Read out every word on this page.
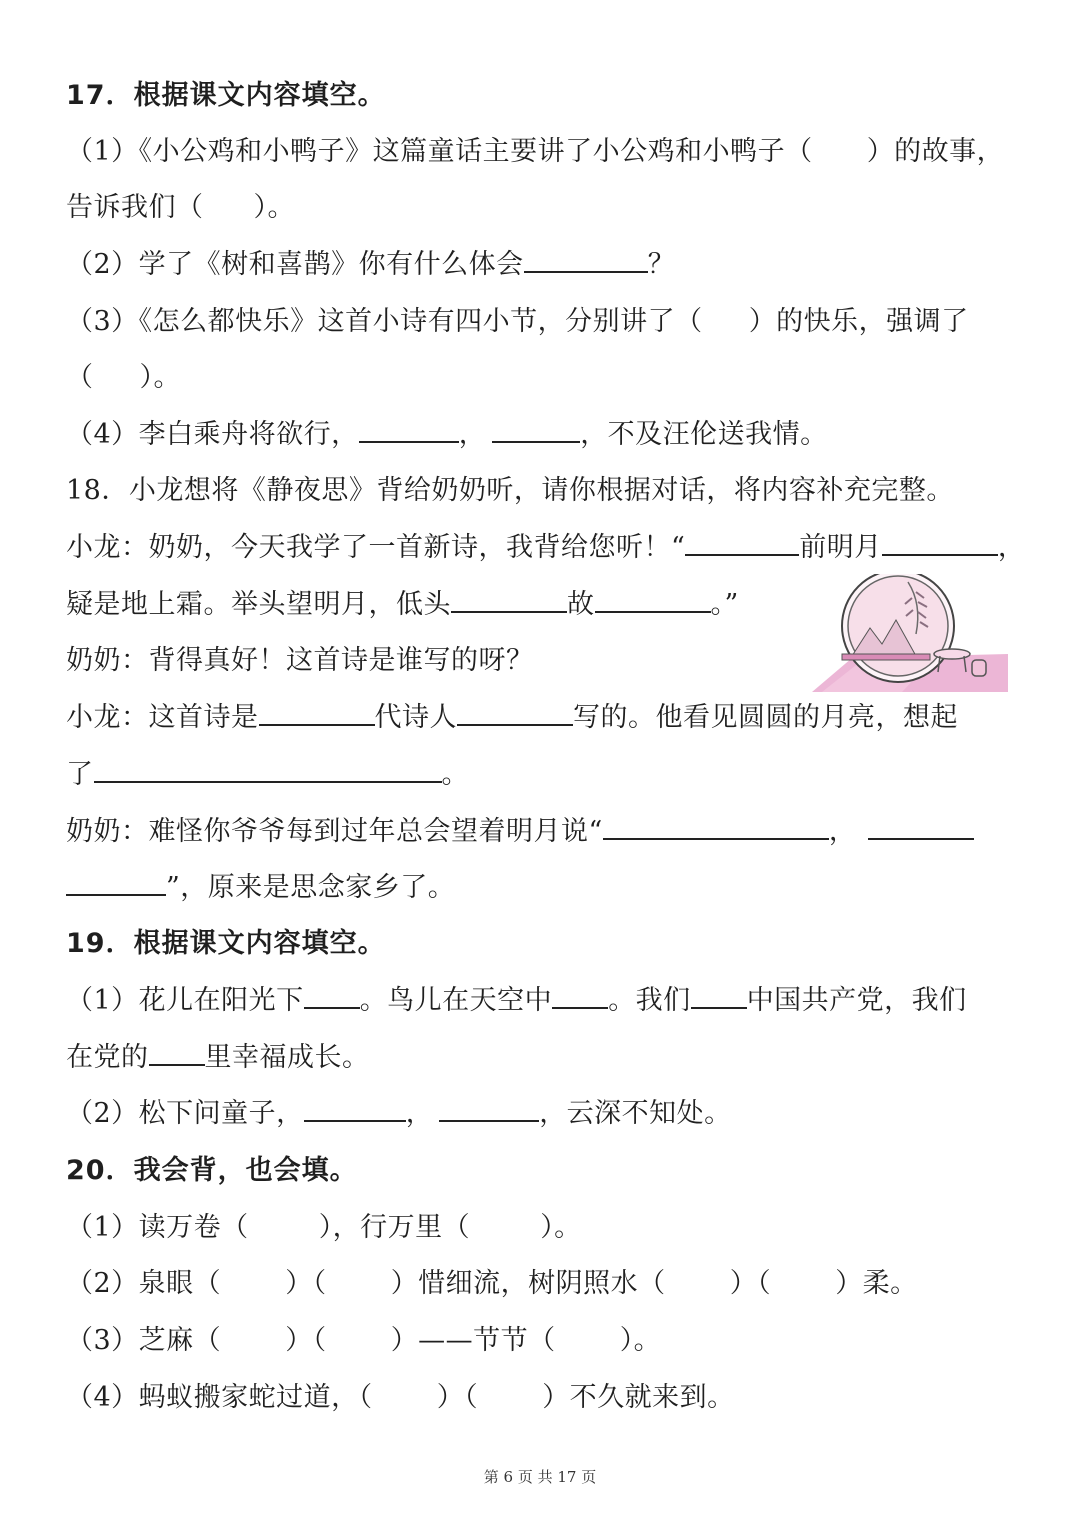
17．根据课文内容填空。
（1）《小公鸡和小鸭子》这篇童话主要讲了小公鸡和小鸭子（ ）的故事，
告诉我们（ ）。
（2）学了《树和喜鹊》你有什么体会	？
（3）《怎么都快乐》这首小诗有四小节，分别讲了（ ）的快乐，强调了
（ ）。
（4）李白乘舟将欲行，	，	，不及汪伦送我情。
18．小龙想将《静夜思》背给奶奶听，请你根据对话，将内容补充完整。
小龙：奶奶，今天我学了一首新诗，我背给您听！“	前明月	，
疑是地上霜。举头望明月，低头	故	。”
奶奶：背得真好！这首诗是谁写的呀？
小龙：这首诗是	代诗人	写的。他看见圆圆的月亮，想起
了	。
奶奶：难怪你爷爷每到过年总会望着明月说“	，
”，原来是思念家乡了。
19．根据课文内容填空。
（1）花儿在阳光下 。鸟儿在天空中 。我们 中国共产党，我们
在党的 里幸福成长。
（2）松下问童子，	，	，云深不知处。
20．我会背，也会填。
（1）读万卷（	），行万里（	）。
（2）泉眼（ ）（ ）惜细流，树阴照水（ ）（ ）柔。
（3）芝麻（ ）（ ）——节节（ ）。
（4）蚂蚁搬家蛇过道，（ ）（ ）不久就来到。
第 6 页 共 17 页
